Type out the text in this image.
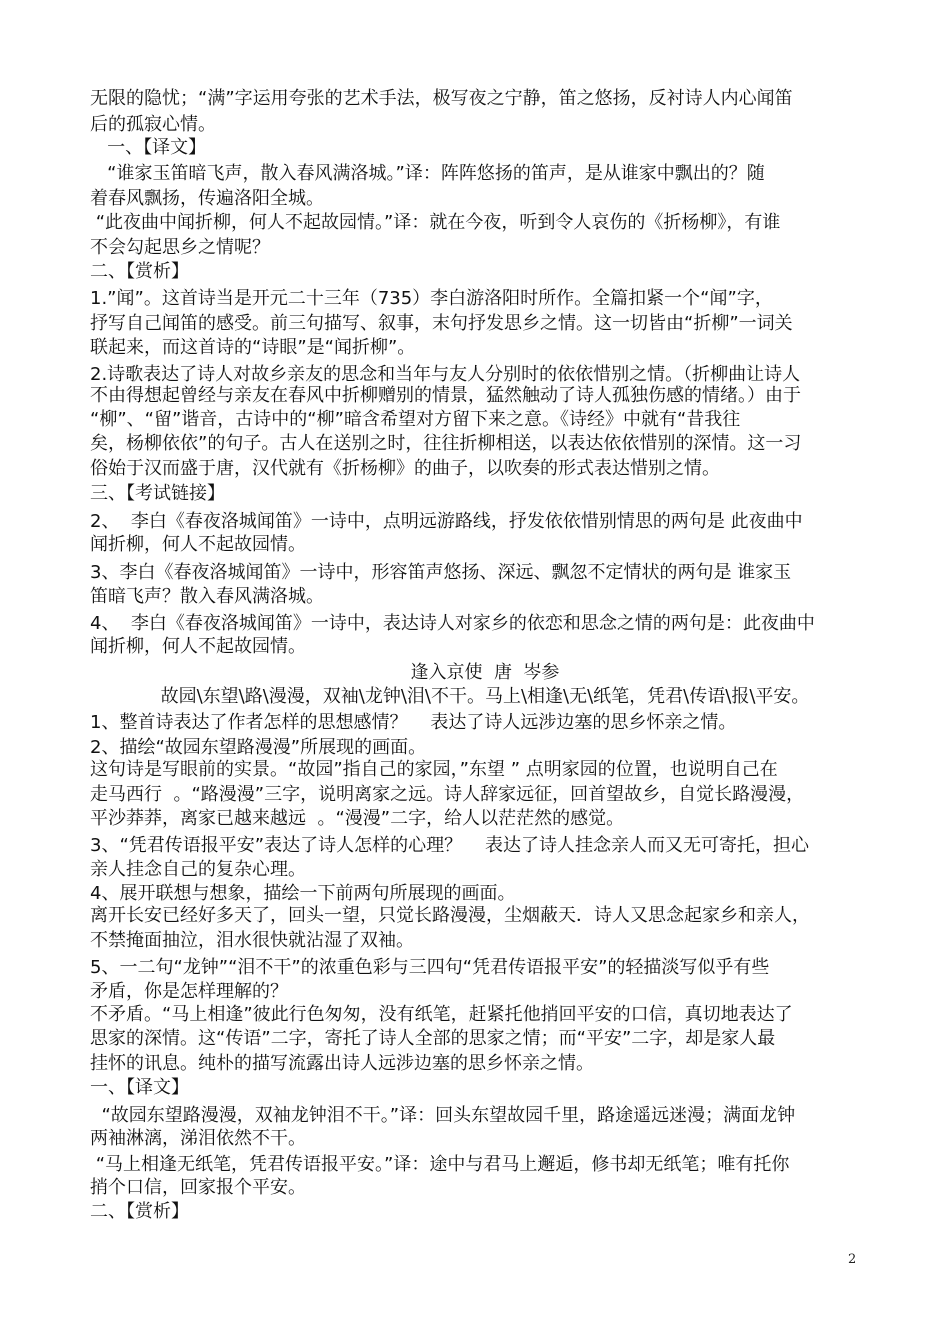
无限的隐忧；“满”字运用夸张的艺术手法，极写夜之宁静，笛之悠扬，反衬诗人内心闻笛
后的孤寂心情。
一、【译文】
“谁家玉笛暗飞声，散入春风满洛城。”译：阵阵悠扬的笛声，是从谁家中飘出的？随
着春风飘扬，传遍洛阳全城。
“此夜曲中闻折柳，何人不起故园情。”译：就在今夜，听到令人哀伤的《折杨柳》，有谁
不会勾起思乡之情呢？
二、【赏析】
1.”闻”。这首诗当是开元二十三年（735）李白游洛阳时所作。全篇扣紧一个“闻”字，
抒写自己闻笛的感受。前三句描写、叙事，末句抒发思乡之情。这一切皆由“折柳”一词关
联起来，而这首诗的“诗眼”是“闻折柳”。
2.诗歌表达了诗人对故乡亲友的思念和当年与友人分别时的依依惜别之情。（折柳曲让诗人
不由得想起曾经与亲友在春风中折柳赠别的情景，猛然触动了诗人孤独伤感的情绪。）由于
“柳”、“留”谐音，古诗中的“柳”暗含希望对方留下来之意。《诗经》中就有“昔我往
矣，杨柳依依”的句子。古人在送别之时，往往折柳相送，以表达依依惜别的深情。这一习
俗始于汉而盛于唐，汉代就有《折杨柳》的曲子，以吹奏的形式表达惜别之情。
三、【考试链接】
2、  李白《春夜洛城闻笛》一诗中，点明远游路线，抒发依依惜别情思的两句是 此夜曲中
闻折柳，何人不起故园情。
3、李白《春夜洛城闻笛》一诗中，形容笛声悠扬、深远、飘忽不定情状的两句是 谁家玉
笛暗飞声？散入春风满洛城。
4、  李白《春夜洛城闻笛》一诗中，表达诗人对家乡的依恋和思念之情的两句是：此夜曲中
闻折柳，何人不起故园情。
逢入京使  唐  岑参
故园\东望\路\漫漫，双袖\龙钟\泪\不干。马上\相逢\无\纸笔，凭君\传语\报\平安。
1、整首诗表达了作者怎样的思想感情？    表达了诗人远涉边塞的思乡怀亲之情。
2、描绘“故园东望路漫漫”所展现的画面。
这句诗是写眼前的实景。“故园”指自己的家园，”东望 ” 点明家园的位置，也说明自己在
走马西行  。“路漫漫”三字，说明离家之远。诗人辞家远征，回首望故乡，自觉长路漫漫，
平沙莽莽，离家已越来越远  。“漫漫”二字，给人以茫茫然的感觉。
3、“凭君传语报平安”表达了诗人怎样的心理？    表达了诗人挂念亲人而又无可寄托，担心
亲人挂念自己的复杂心理。
4、展开联想与想象，描绘一下前两句所展现的画面。
离开长安已经好多天了，回头一望，只觉长路漫漫，尘烟蔽天．诗人又思念起家乡和亲人，
不禁掩面抽泣，泪水很快就沾湿了双袖。
5、一二句“龙钟”“泪不干”的浓重色彩与三四句“凭君传语报平安”的轻描淡写似乎有些
矛盾，你是怎样理解的？
不矛盾。“马上相逢”彼此行色匆匆，没有纸笔，赶紧托他捎回平安的口信，真切地表达了
思家的深情。这“传语”二字，寄托了诗人全部的思家之情；而“平安”二字，却是家人最
挂怀的讯息。纯朴的描写流露出诗人远涉边塞的思乡怀亲之情。
一、【译文】
“故园东望路漫漫，双袖龙钟泪不干。”译：回头东望故园千里，路途遥远迷漫；满面龙钟
两袖淋漓，涕泪依然不干。
“马上相逢无纸笔，凭君传语报平安。”译：途中与君马上邂逅，修书却无纸笔；唯有托你
捎个口信，回家报个平安。
二、【赏析】
2
